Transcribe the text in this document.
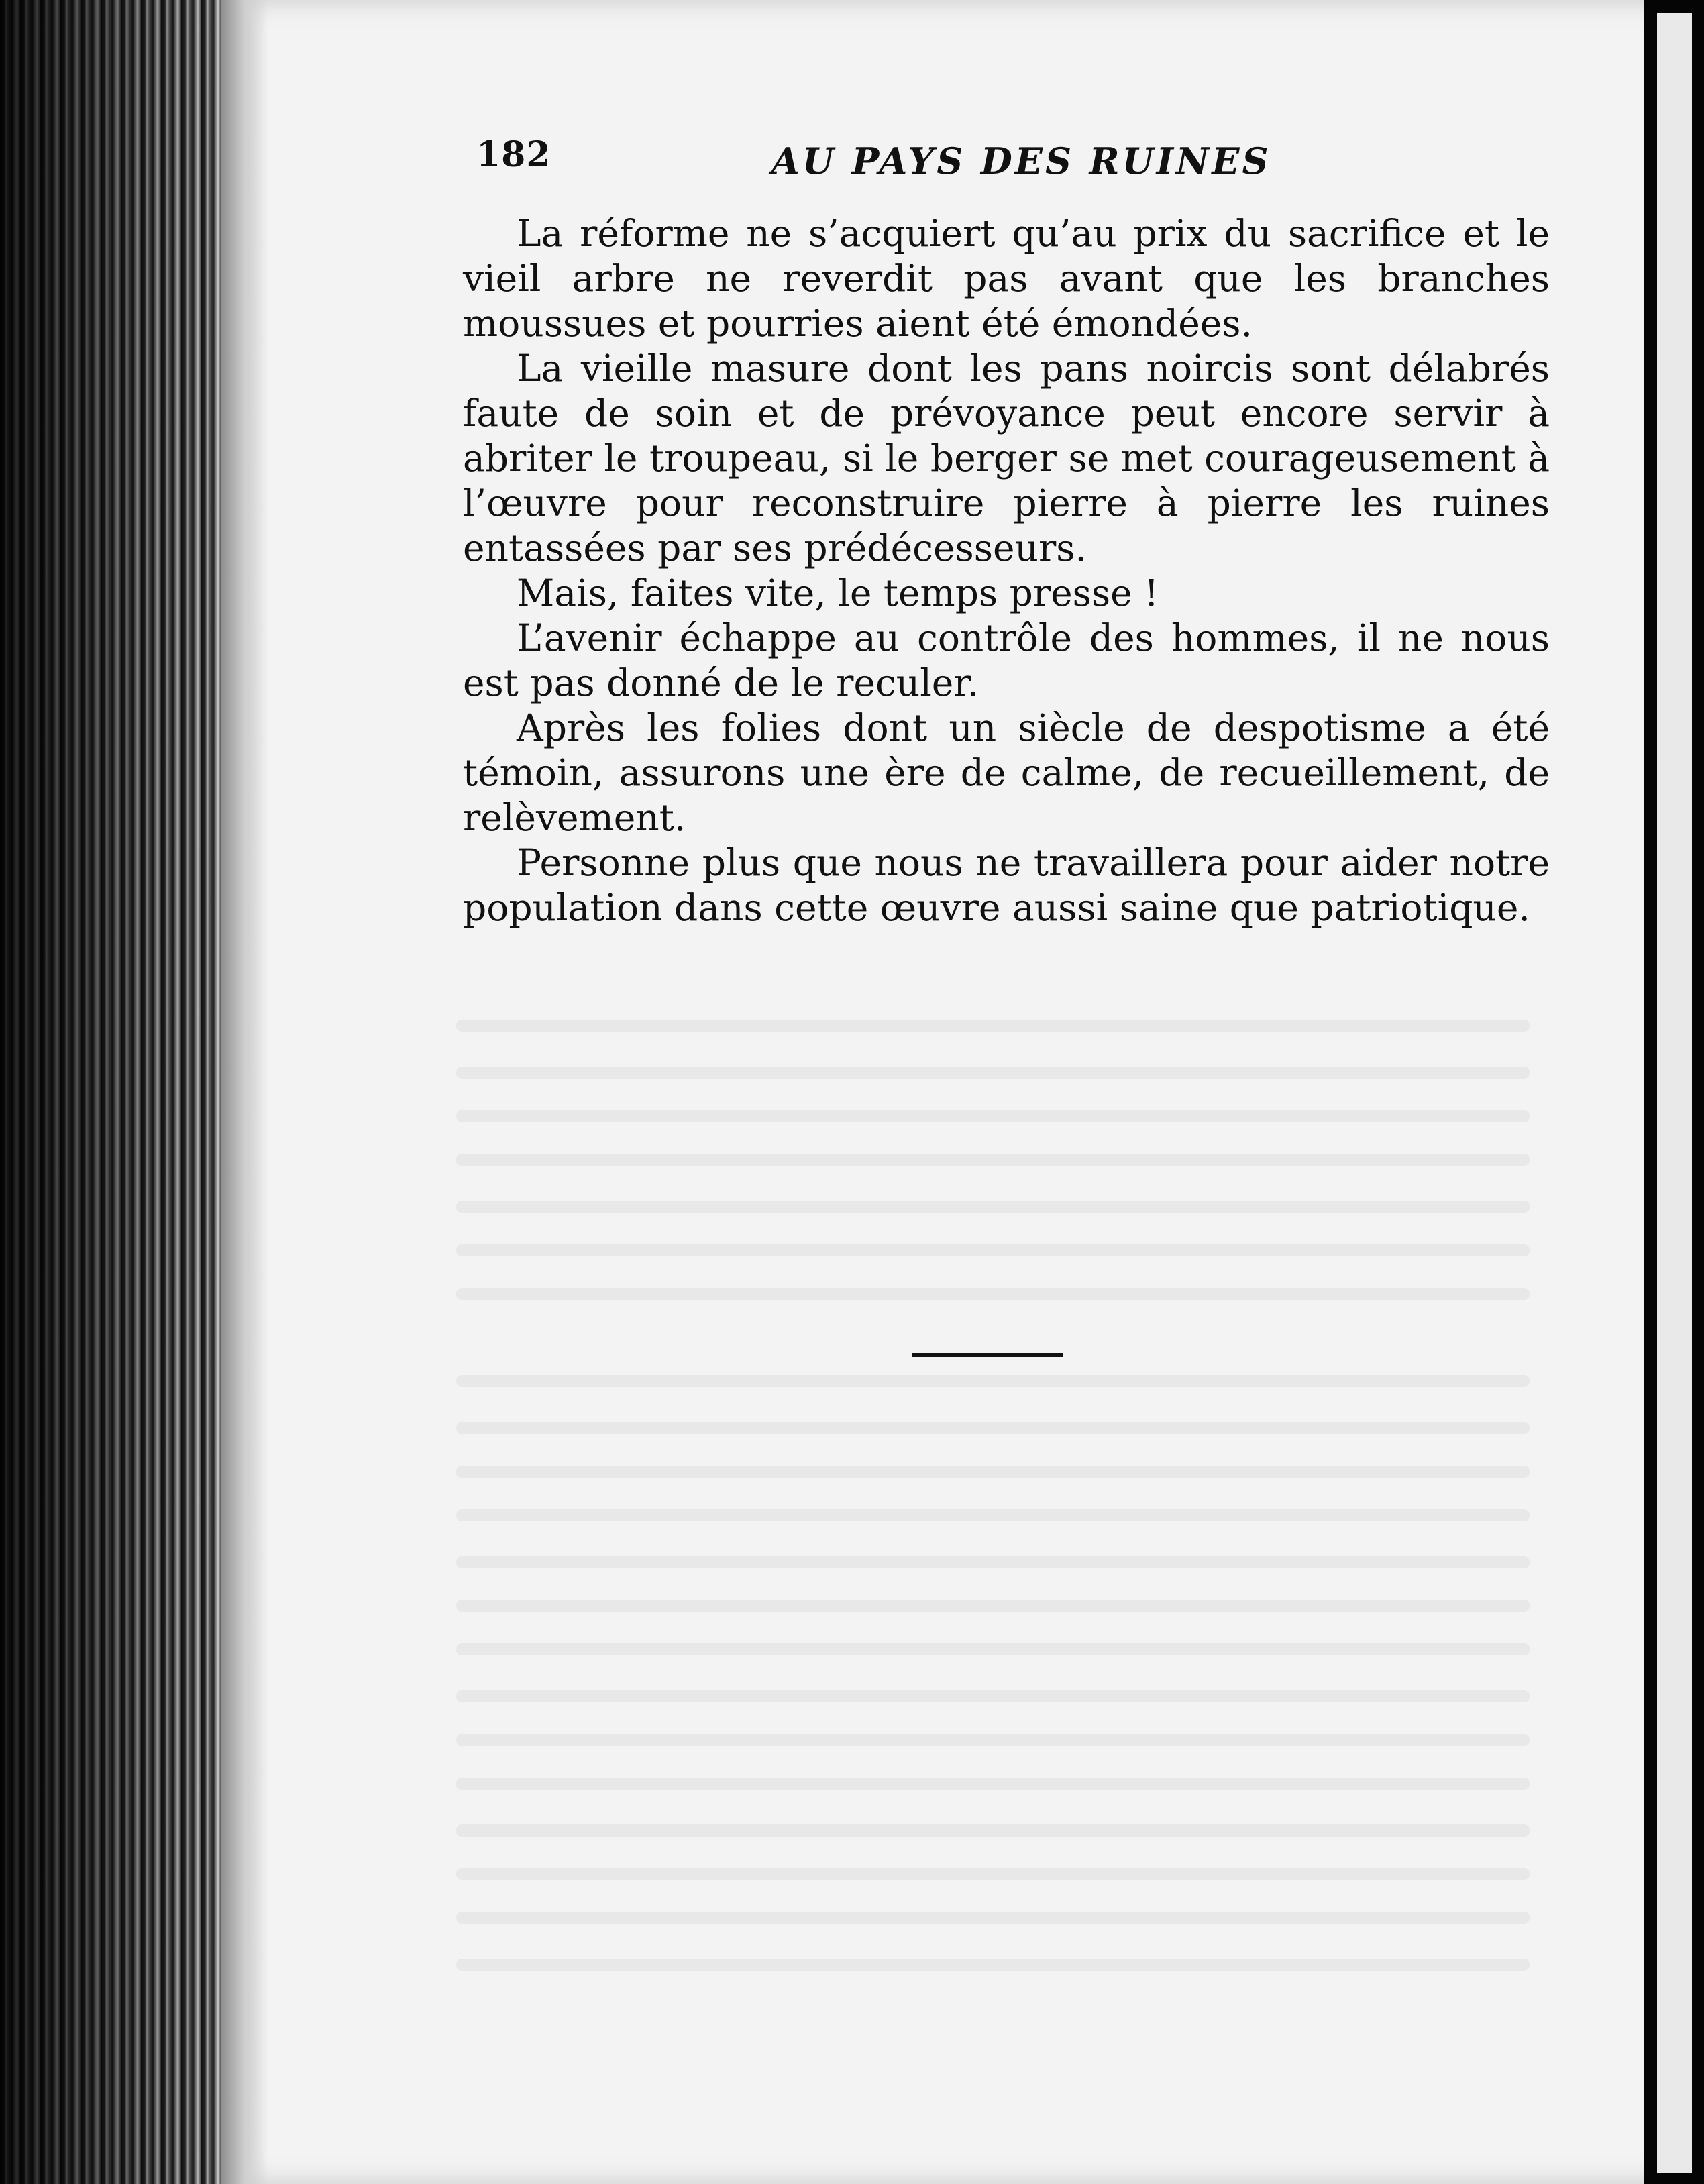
182	AU PAYS DES RUINES

La réforme ne s’acquiert qu’au prix du sacrifice et le vieil arbre ne reverdit pas avant que les branches moussues et pourries aient été émondées.

La vieille masure dont les pans noircis sont délabrés faute de soin et de prévoyance peut encore servir à abriter le troupeau, si le berger se met courageusement à l’œuvre pour reconstruire pierre à pierre les ruines entassées par ses prédécesseurs.

Mais, faites vite, le temps presse !

L’avenir échappe au contrôle des hommes, il ne nous est pas donné de le reculer.

Après les folies dont un siècle de despotisme a été témoin, assurons une ère de calme, de recueillement, de relèvement.

Personne plus que nous ne travaillera pour aider notre population dans cette œuvre aussi saine que patriotique.
